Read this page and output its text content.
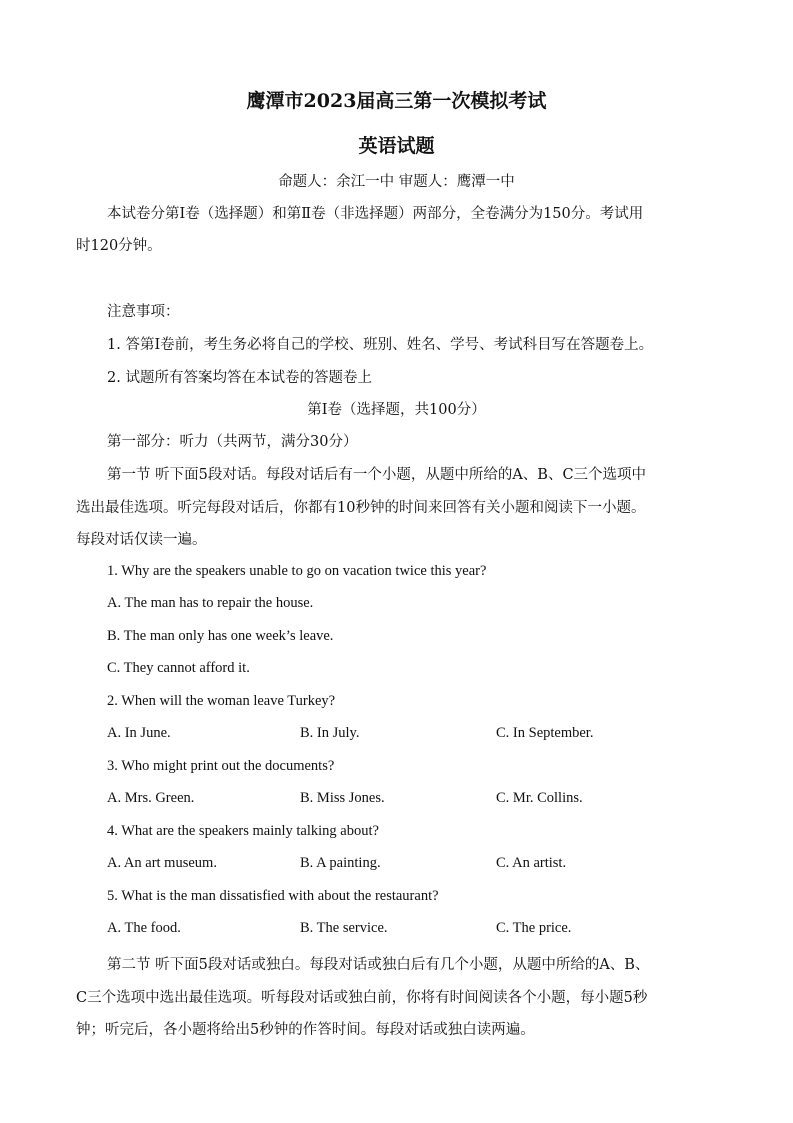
鹰潭市2023届高三第一次模拟考试
英语试题
命题人：余江一中 审题人：鹰潭一中
本试卷分第Ⅰ卷（选择题）和第Ⅱ卷（非选择题）两部分，全卷满分为150分。考试用
时120分钟。
注意事项：
1. 答第Ⅰ卷前，考生务必将自己的学校、班别、姓名、学号、考试科目写在答题卷上。
2. 试题所有答案均答在本试卷的答题卷上
第Ⅰ卷（选择题，共100分）
第一部分：听力（共两节，满分30分）
第一节 听下面5段对话。每段对话后有一个小题，从题中所给的A、B、C三个选项中
选出最佳选项。听完每段对话后，你都有10秒钟的时间来回答有关小题和阅读下一小题。
每段对话仅读一遍。
1. Why are the speakers unable to go on vacation twice this year?
A. The man has to repair the house.
B. The man only has one week’s leave.
C. They cannot afford it.
2. When will the woman leave Turkey?
A. In June.	B. In July.	C. In September.
3. Who might print out the documents?
A. Mrs. Green.	B. Miss Jones.	C. Mr. Collins.
4. What are the speakers mainly talking about?
A. An art museum.	B. A painting.	C. An artist.
5. What is the man dissatisfied with about the restaurant?
A. The food.	B. The service.	C. The price.
第二节 听下面5段对话或独白。每段对话或独白后有几个小题，从题中所给的A、B、
C三个选项中选出最佳选项。听每段对话或独白前，你将有时间阅读各个小题，每小题5秒
钟；听完后，各小题将给出5秒钟的作答时间。每段对话或独白读两遍。
